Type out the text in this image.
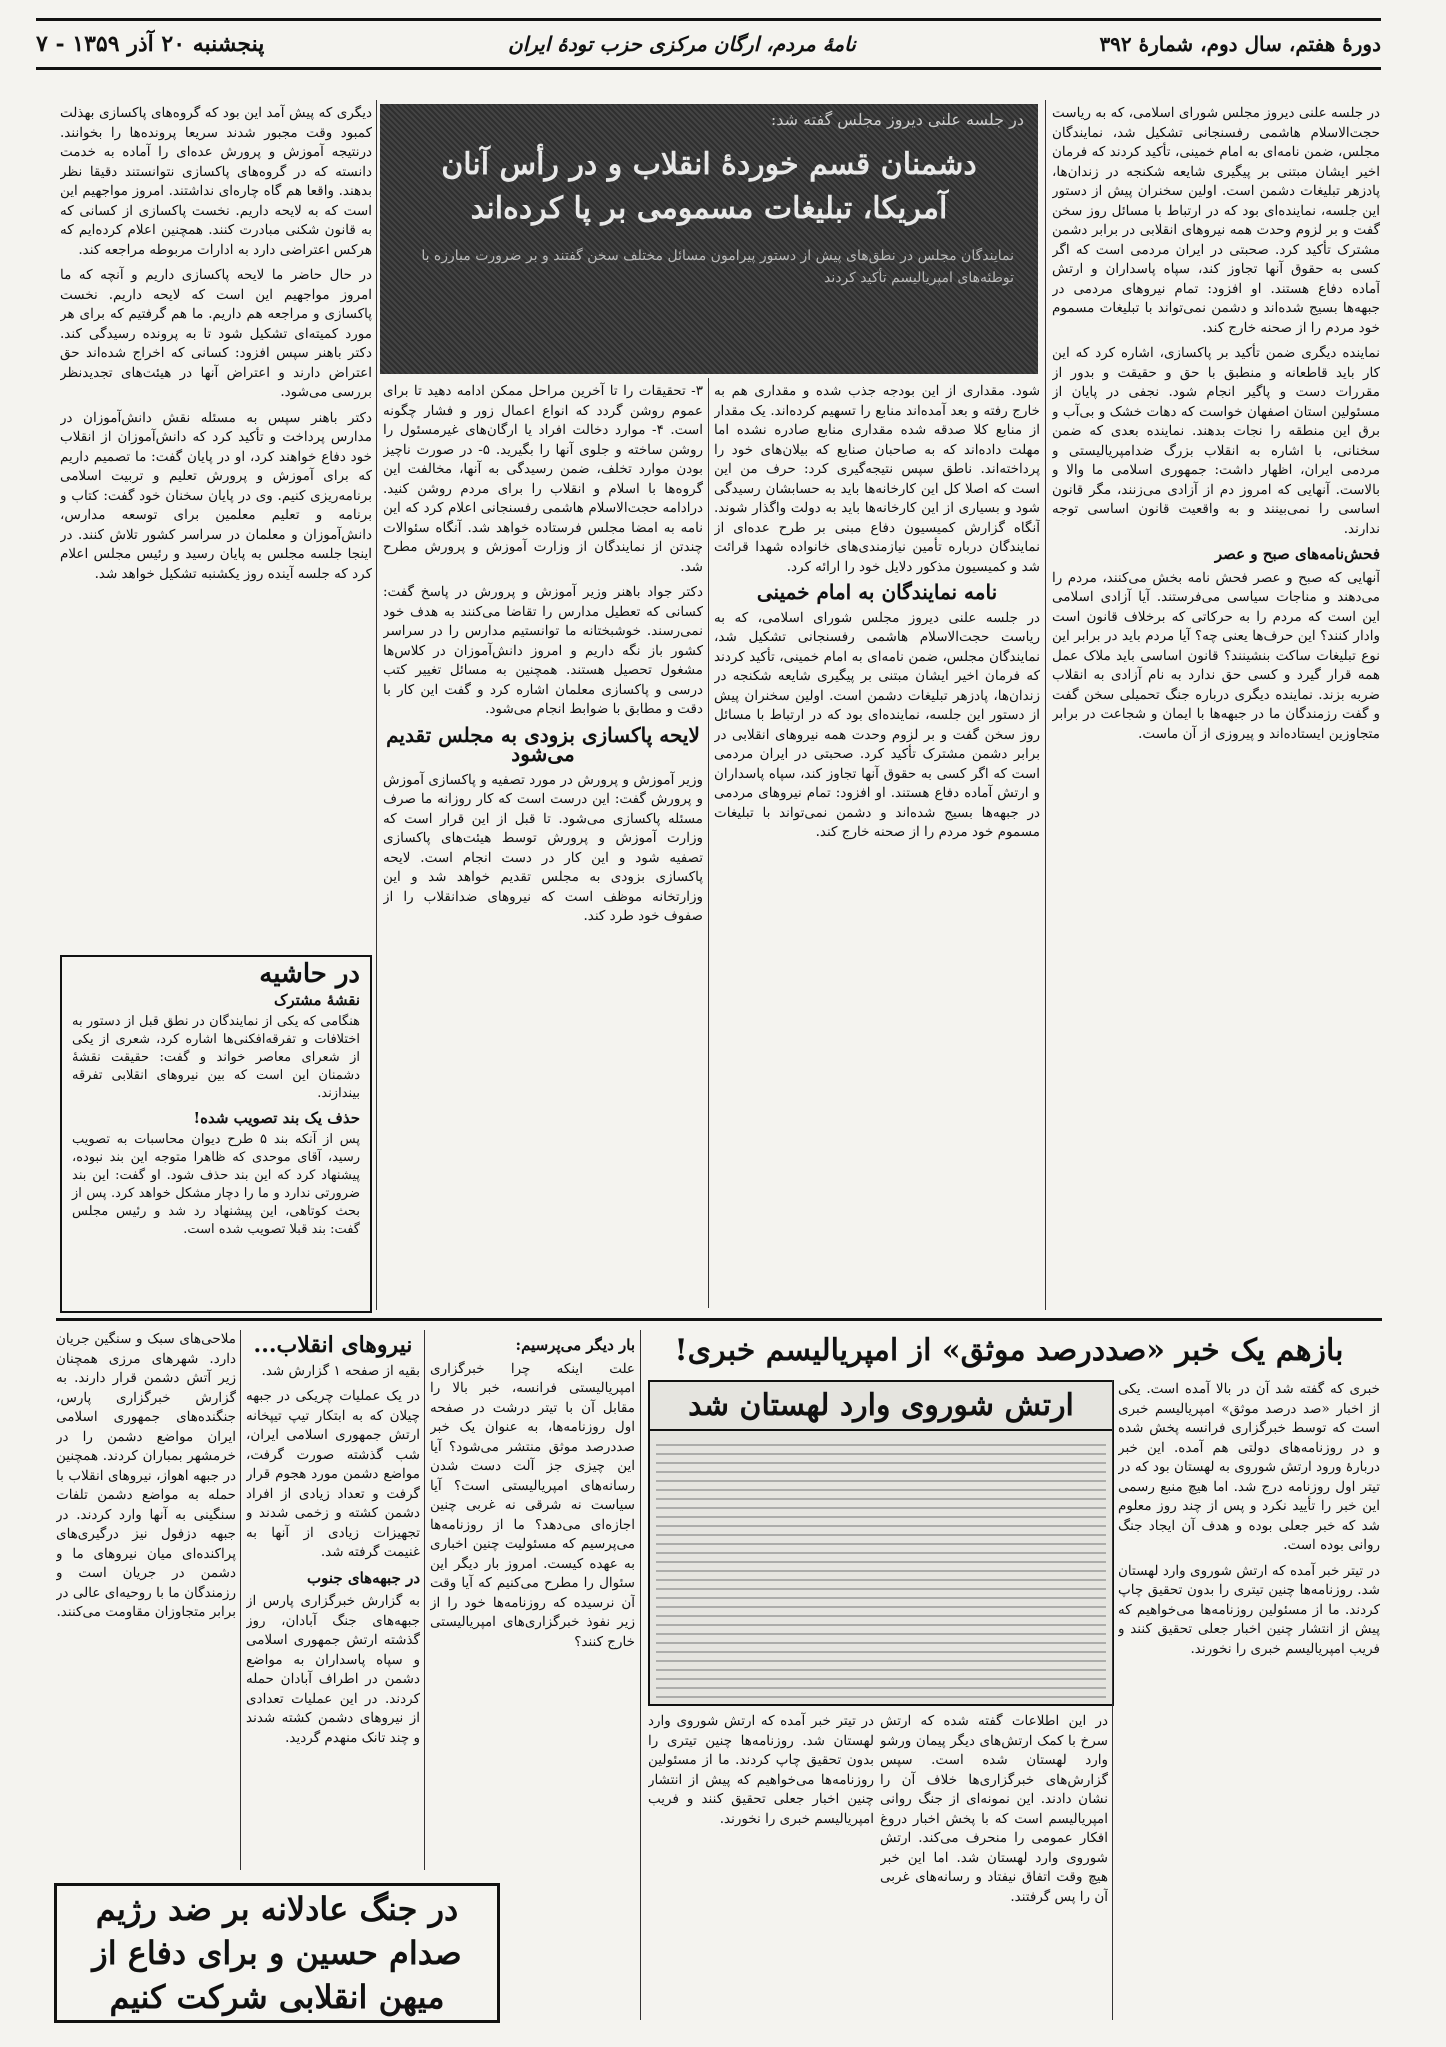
دورهٔ هفتم، سال دوم، شمارهٔ ۳۹۲
نامهٔ مردم، ارگان مرکزی حزب تودهٔ ایران
پنجشنبه ۲۰ آذر ۱۳۵۹ - ۷

در جلسه علنی دیروز مجلس شورای اسلامی، که به ریاست حجت‌الاسلام هاشمی رفسنجانی تشکیل شد، نمایندگان مجلس، ضمن نامه‌ای به امام خمینی، تأکید کردند که فرمان اخیر ایشان مبتنی بر پیگیری شایعه شکنجه در زندان‌ها، پادزهر تبلیغات دشمن است. اولین سخنران پیش از دستور این جلسه، نماینده‌ای بود که در ارتباط با مسائل روز سخن گفت و بر لزوم وحدت همه نیروهای انقلابی در برابر دشمن مشترک تأکید کرد. صحبتی در ایران مردمی است که اگر کسی به حقوق آنها تجاوز کند، سپاه پاسداران و ارتش آماده دفاع هستند. او افزود: تمام نیروهای مردمی در جبهه‌ها بسیج شده‌اند و دشمن نمی‌تواند با تبلیغات مسموم خود مردم را از صحنه خارج کند.

نماینده دیگری ضمن تأکید بر پاکسازی، اشاره کرد که این کار باید قاطعانه و منطبق با حق و حقیقت و بدور از مقررات دست و پاگیر انجام شود. نجفی در پایان از مسئولین استان اصفهان خواست که دهات خشک و بی‌آب و برق این منطقه را نجات بدهند. نماینده بعدی که ضمن سخنانی، با اشاره به انقلاب بزرگ ضدامپریالیستی و مردمی ایران، اظهار داشت: جمهوری اسلامی ما والا و بالاست. آنهایی که امروز دم از آزادی می‌زنند، مگر قانون اساسی را نمی‌بینند و به واقعیت قانون اساسی توجه ندارند.

فحش‌نامه‌های صبح و عصر

آنهایی که صبح و عصر فحش نامه بخش می‌کنند، مردم را می‌دهند و مناجات سیاسی می‌فرستند. آیا آزادی اسلامی این است که مردم را به حرکاتی که برخلاف قانون است وادار کنند؟ این حرف‌ها یعنی چه؟ آیا مردم باید در برابر این نوع تبلیغات ساکت بنشینند؟ قانون اساسی باید ملاک عمل همه قرار گیرد و کسی حق ندارد به نام آزادی به انقلاب ضربه بزند. نماینده دیگری درباره جنگ تحمیلی سخن گفت و گفت رزمندگان ما در جبهه‌ها با ایمان و شجاعت در برابر متجاوزین ایستاده‌اند و پیروزی از آن ماست.

در جلسه علنی دیروز مجلس گفته شد:
دشمنان قسم خوردهٔ انقلاب و در رأس آنان آمریکا، تبلیغات مسمومی بر پا کرده‌اند
نمایندگان مجلس در نطق‌های پیش از دستور پیرامون مسائل مختلف سخن گفتند و بر ضرورت مبارزه با توطئه‌های امپریالیسم تأکید کردند

شود. مقداری از این بودجه جذب شده و مقداری هم به خارج رفته و بعد آمده‌اند منابع را تسهیم کرده‌اند. یک مقدار از منابع کلا صدقه شده مقداری منابع صادره نشده اما مهلت داده‌اند که به صاحبان صنایع که بیلان‌های خود را پرداخته‌اند. ناطق سپس نتیجه‌گیری کرد: حرف من این است که اصلا کل این کارخانه‌ها باید به حسابشان رسیدگی شود و بسیاری از این کارخانه‌ها باید به دولت واگذار شوند. آنگاه گزارش کمیسیون دفاع مبنی بر طرح عده‌ای از نمایندگان درباره تأمین نیازمندی‌های خانواده شهدا قرائت شد و کمیسیون مذکور دلایل خود را ارائه کرد.

نامه نمایندگان به امام خمینی

در جلسه علنی دیروز مجلس شورای اسلامی، که به ریاست حجت‌الاسلام هاشمی رفسنجانی تشکیل شد، نمایندگان مجلس، ضمن نامه‌ای به امام خمینی، تأکید کردند که فرمان اخیر ایشان مبتنی بر پیگیری شایعه شکنجه در زندان‌ها، پادزهر تبلیغات دشمن است. اولین سخنران پیش از دستور این جلسه، نماینده‌ای بود که در ارتباط با مسائل روز سخن گفت و بر لزوم وحدت همه نیروهای انقلابی در برابر دشمن مشترک تأکید کرد. صحبتی در ایران مردمی است که اگر کسی به حقوق آنها تجاوز کند، سپاه پاسداران و ارتش آماده دفاع هستند. او افزود: تمام نیروهای مردمی در جبهه‌ها بسیج شده‌اند و دشمن نمی‌تواند با تبلیغات مسموم خود مردم را از صحنه خارج کند.

۳- تحقیقات را تا آخرین مراحل ممکن ادامه دهید تا برای عموم روشن گردد که انواع اعمال زور و فشار چگونه است. ۴- موارد دخالت افراد یا ارگان‌های غیرمسئول را روشن ساخته و جلوی آنها را بگیرید. ۵- در صورت ناچیز بودن موارد تخلف، ضمن رسیدگی به آنها، مخالفت این گروه‌ها با اسلام و انقلاب را برای مردم روشن کنید. درادامه حجت‌الاسلام هاشمی رفسنجانی اعلام کرد که این نامه به امضا مجلس فرستاده خواهد شد. آنگاه سئوالات چندتن از نمایندگان از وزارت آموزش و پرورش مطرح شد.

دکتر جواد باهنر وزیر آموزش و پرورش در پاسخ گفت: کسانی که تعطیل مدارس را تقاضا می‌کنند به هدف خود نمی‌رسند. خوشبختانه ما توانستیم مدارس را در سراسر کشور باز نگه داریم و امروز دانش‌آموزان در کلاس‌ها مشغول تحصیل هستند. همچنین به مسائل تغییر کتب درسی و پاکسازی معلمان اشاره کرد و گفت این کار با دقت و مطابق با ضوابط انجام می‌شود.

لایحه پاکسازی بزودی به مجلس تقدیم می‌شود

وزیر آموزش و پرورش در مورد تصفیه و پاکسازی آموزش و پرورش گفت: این درست است که کار روزانه ما صرف مسئله پاکسازی می‌شود. تا قبل از این قرار است که وزارت آموزش و پرورش توسط هیئت‌های پاکسازی تصفیه شود و این کار در دست انجام است. لایحه پاکسازی بزودی به مجلس تقدیم خواهد شد و این وزارتخانه موظف است که نیروهای ضدانقلاب را از صفوف خود طرد کند.

دیگری که پیش آمد این بود که گروه‌های پاکسازی بهذلت کمبود وقت مجبور شدند سریعا پرونده‌ها را بخوانند. درنتیجه آموزش و پرورش عده‌ای را آماده به خدمت دانسته که در گروه‌های پاکسازی نتوانستند دقیقا نظر بدهند. واقعا هم گاه چاره‌ای نداشتند. امروز مواجهیم این است که به لایحه داریم. نخست پاکسازی از کسانی که به قانون شکنی مبادرت کنند. همچنین اعلام کرده‌ایم که هرکس اعتراضی دارد به ادارات مربوطه مراجعه کند.

در حال حاضر ما لایحه پاکسازی داریم و آنچه که ما امروز مواجهیم این است که لایحه داریم. نخست پاکسازی و مراجعه هم داریم. ما هم گرفتیم که برای هر مورد کمیته‌ای تشکیل شود تا به پرونده رسیدگی کند. دکتر باهنر سپس افزود: کسانی که اخراج شده‌اند حق اعتراض دارند و اعتراض آنها در هیئت‌های تجدیدنظر بررسی می‌شود.

دکتر باهنر سپس به مسئله نقش دانش‌آموزان در مدارس پرداخت و تأکید کرد که دانش‌آموزان از انقلاب خود دفاع خواهند کرد، او در پایان گفت: ما تصمیم داریم که برای آموزش و پرورش تعلیم و تربیت اسلامی برنامه‌ریزی کنیم. وی در پایان سخنان خود گفت: کتاب و برنامه و تعلیم معلمین برای توسعه مدارس، دانش‌آموزان و معلمان در سراسر کشور تلاش کنند. در اینجا جلسه مجلس به پایان رسید و رئیس مجلس اعلام کرد که جلسه آینده روز یکشنبه تشکیل خواهد شد.

در حاشیه
نقشهٔ مشترک

هنگامی که یکی از نمایندگان در نطق قبل از دستور به اختلافات و تفرقه‌افکنی‌ها اشاره کرد، شعری از یکی از شعرای معاصر خواند و گفت: حقیقت نقشهٔ دشمنان این است که بین نیروهای انقلابی تفرقه بیندازند.

حذف یک بند تصویب شده!

پس از آنکه بند ۵ طرح دیوان محاسبات به تصویب رسید، آقای موحدی که ظاهرا متوجه این بند نبوده، پیشنهاد کرد که این بند حذف شود. او گفت: این بند ضرورتی ندارد و ما را دچار مشکل خواهد کرد. پس از بحث کوتاهی، این پیشنهاد رد شد و رئیس مجلس گفت: بند قبلا تصویب شده است.

بازهم یک خبر «صددرصد موثق» از امپریالیسم خبری!
ارتش شوروی وارد لهستان شد	خبری که گفته شد آن در بالا آمده است. یکی از اخبار «صد درصد موثق» امپریالیسم خبری است که توسط خبرگزاری فرانسه پخش شده و در روزنامه‌های دولتی هم آمده. این خبر دربارهٔ ورود ارتش شوروی به لهستان بود که در تیتر اول روزنامه درج شد. اما هیچ منبع رسمی این خبر را تأیید نکرد و پس از چند روز معلوم شد که خبر جعلی بوده و هدف آن ایجاد جنگ روانی بوده است.

در تیتر خبر آمده که ارتش شوروی وارد لهستان شد. روزنامه‌ها چنین تیتری را بدون تحقیق چاپ کردند. ما از مسئولین روزنامه‌ها می‌خواهیم که پیش از انتشار چنین اخبار جعلی تحقیق کنند و فریب امپریالیسم خبری را نخورند.

در این اطلاعات گفته شده که ارتش سرخ با کمک ارتش‌های دیگر پیمان ورشو وارد لهستان شده است. سپس گزارش‌های خبرگزاری‌ها خلاف آن را نشان دادند. این نمونه‌ای از جنگ روانی امپریالیسم است که با پخش اخبار دروغ افکار عمومی را منحرف می‌کند. ارتش شوروی وارد لهستان شد. اما این خبر هیچ وقت اتفاق نیفتاد و رسانه‌های غربی آن را پس گرفتند.

در تیتر خبر آمده که ارتش شوروی وارد لهستان شد. روزنامه‌ها چنین تیتری را بدون تحقیق چاپ کردند. ما از مسئولین روزنامه‌ها می‌خواهیم که پیش از انتشار چنین اخبار جعلی تحقیق کنند و فریب امپریالیسم خبری را نخورند.

بار دیگر می‌پرسیم:

علت اینکه چرا خبرگزاری امپریالیستی فرانسه، خبر بالا را مقابل آن با تیتر درشت در صفحه اول روزنامه‌ها، به عنوان یک خبر صددرصد موثق منتشر می‌شود؟ آیا این چیزی جز آلت دست شدن رسانه‌های امپریالیستی است؟ آیا سیاست نه شرقی نه غربی چنین اجازه‌ای می‌دهد؟ ما از روزنامه‌ها می‌پرسیم که مسئولیت چنین اخباری به عهده کیست. امروز بار دیگر این سئوال را مطرح می‌کنیم که آیا وقت آن نرسیده که روزنامه‌ها خود را از زیر نفوذ خبرگزاری‌های امپریالیستی خارج کنند؟

نیروهای انقلاب...

بقیه از صفحه ۱ گزارش شد.

در یک عملیات چریکی در جبهه چیلان که به ابتکار تیپ تیپخانه ارتش جمهوری اسلامی ایران، شب گذشته صورت گرفت، مواضع دشمن مورد هجوم قرار گرفت و تعداد زیادی از افراد دشمن کشته و زخمی شدند و تجهیزات زیادی از آنها به غنیمت گرفته شد.

در جبهه‌های جنوب

به گزارش خبرگزاری پارس از جبهه‌های جنگ آبادان، روز گذشته ارتش جمهوری اسلامی و سپاه پاسداران به مواضع دشمن در اطراف آبادان حمله کردند. در این عملیات تعدادی از نیروهای دشمن کشته شدند و چند تانک منهدم گردید.

ملاحی‌های سبک و سنگین جریان دارد. شهرهای مرزی همچنان زیر آتش دشمن قرار دارند. به گزارش خبرگزاری پارس، جنگنده‌های جمهوری اسلامی ایران مواضع دشمن را در خرمشهر بمباران کردند. همچنین در جبهه اهواز، نیروهای انقلاب با حمله به مواضع دشمن تلفات سنگینی به آنها وارد کردند. در جبهه دزفول نیز درگیری‌های پراکنده‌ای میان نیروهای ما و دشمن در جریان است و رزمندگان ما با روحیه‌ای عالی در برابر متجاوزان مقاومت می‌کنند.

در جنگ عادلانه بر ضد رژیم صدام حسین و برای دفاع از میهن انقلابی شرکت کنیم
